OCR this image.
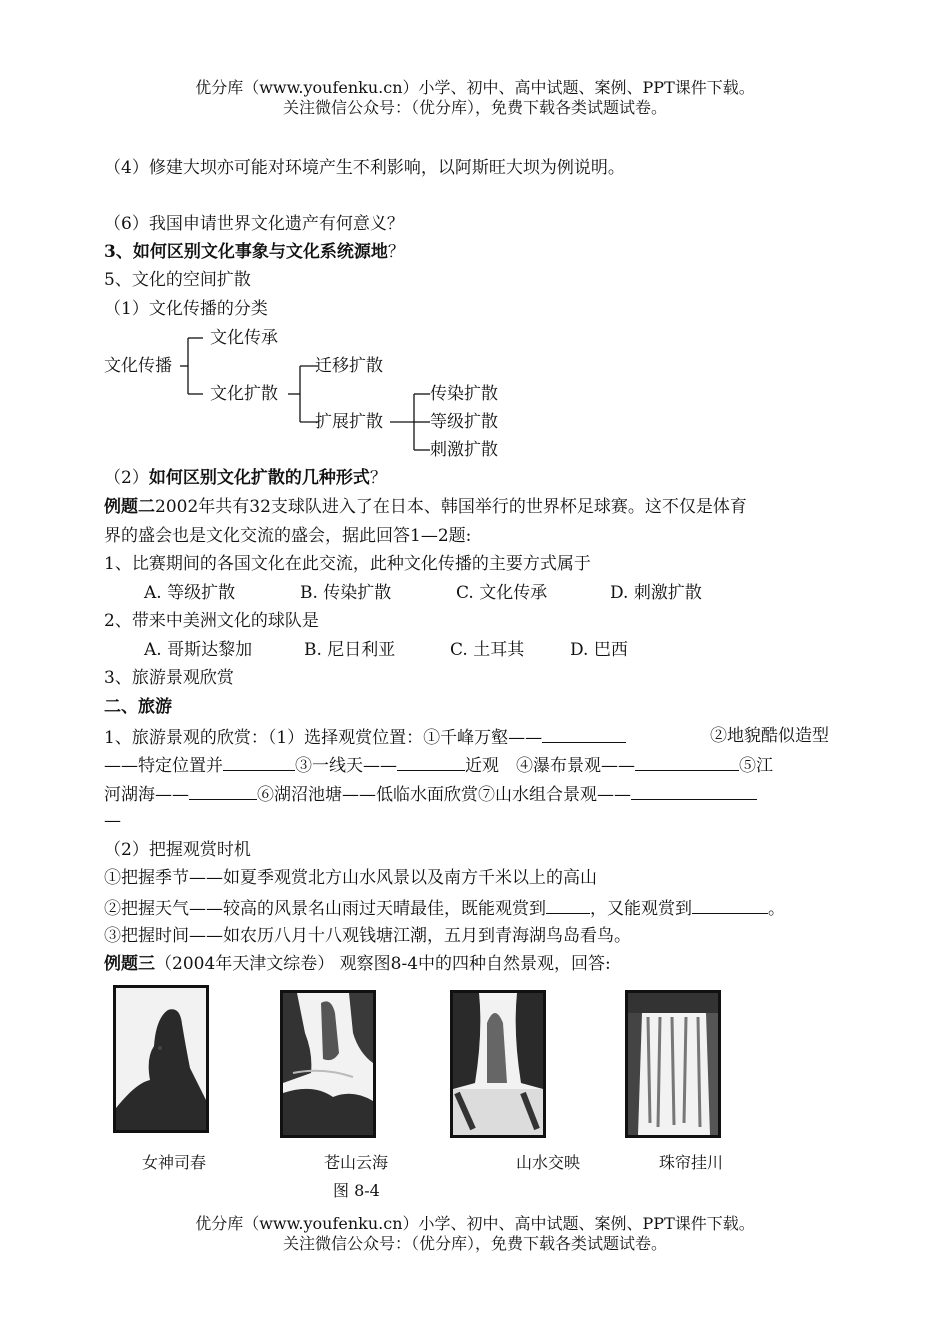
优分库（www.youfenku.cn）小学、初中、高中试题、案例、PPT课件下载。
关注微信公众号：（优分库），免费下载各类试题试卷。
（4）修建大坝亦可能对环境产生不利影响，以阿斯旺大坝为例说明。
（6）我国申请世界文化遗产有何意义？
3、如何区别文化事象与文化系统源地？
5、文化的空间扩散
（1）文化传播的分类
文化传播
文化传承
文化扩散
迁移扩散
扩展扩散
传染扩散
等级扩散
刺激扩散
（2）如何区别文化扩散的几种形式？
例题二2002年共有32支球队进入了在日本、韩国举行的世界杯足球赛。这不仅是体育
界的盛会也是文化交流的盛会，据此回答1—2题:
1、比赛期间的各国文化在此交流，此种文化传播的主要方式属于
A. 等级扩散	B. 传染扩散	C. 文化传承	D. 刺激扩散
2、带来中美洲文化的球队是
A. 哥斯达黎加	B. 尼日利亚	C. 土耳其	D. 巴西
3、旅游景观欣赏
二、旅游
1、旅游景观的欣赏：（1）选择观赏位置：①千峰万壑——	②地貌酷似造型
——特定位置并	③一线天——	近观　④瀑布景观——	⑤江
河湖海——	⑥湖沼池塘——低临水面欣赏⑦山水组合景观——
—
（2）把握观赏时机
①把握季节——如夏季观赏北方山水风景以及南方千米以上的高山
②把握天气——较高的风景名山雨过天晴最佳，既能观赏到	，又能观赏到	。
③把握时间——如农历八月十八观钱塘江潮，五月到青海湖鸟岛看鸟。
例题三（2004年天津文综卷） 观察图8-4中的四种自然景观，回答:
女神司春	苍山云海	山水交映	珠帘挂川
图 8-4
优分库（www.youfenku.cn）小学、初中、高中试题、案例、PPT课件下载。
关注微信公众号：（优分库），免费下载各类试题试卷。
